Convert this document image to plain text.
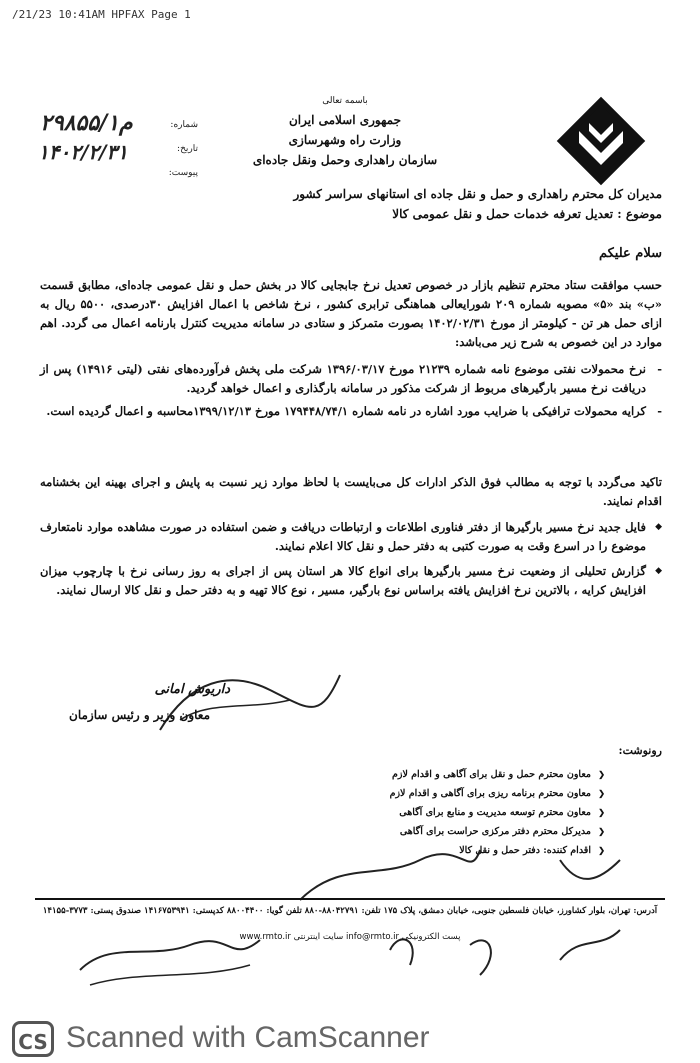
/21/23 10:41AM HPFAX Page 1
باسمه تعالی
جمهوری اسلامی ایران
وزارت راه وشهرسازی
سازمان راهداری وحمل ونقل جاده‌ای
شماره:
تاریخ:
پیوست:
۲۹۸۵۵/۱م
۱۴۰۲/۲/۳۱
مدیران کل محترم راهداری و حمل و نقل جاده ای استانهای سراسر کشور
موضوع : تعدیل تعرفه خدمات حمل و نقل عمومی کالا
سلام علیکم
حسب موافقت ستاد محترم تنظیم بازار در خصوص تعدیل نرخ جابجایی کالا در بخش حمل و نقل عمومی جاده‌ای، مطابق قسمت «ب» بند «۵» مصوبه شماره ۲۰۹ شورایعالی هماهنگی ترابری کشور ، نرخ شاخص با اعمال افزایش ۳۰درصدی، ۵۵۰۰ ریال به ازای حمل هر تن - کیلومتر از مورخ ۱۴۰۲/۰۲/۳۱ بصورت متمرکز و ستادی در سامانه مدیریت کنترل بارنامه اعمال می گردد. اهم موارد در این خصوص به شرح زیر می‌باشد:
- نرخ محمولات نفتی موضوع نامه شماره ۲۱۲۳۹ مورخ ۱۳۹۶/۰۳/۱۷ شرکت ملی پخش فرآورده‌های نفتی (لیتی ۱۴۹۱۶) پس از دریافت نرخ مسیر بارگیرهای مربوط از شرکت مذکور در سامانه بارگذاری و اعمال خواهد گردید.
- کرایه محمولات ترافیکی با ضرایب مورد اشاره در نامه شماره ۱۷۹۴۴۸/۷۴/۱ مورخ ۱۳۹۹/۱۲/۱۳محاسبه و اعمال گردیده است.
تاکید می‌گردد با توجه به مطالب فوق الذکر ادارات کل می‌بایست با لحاظ موارد زیر نسبت به پایش و اجرای بهینه این بخشنامه اقدام نمایند.
◆ فایل جدید نرخ مسیر بارگیرها از دفتر فناوری اطلاعات و ارتباطات دریافت و ضمن استفاده در صورت مشاهده موارد نامتعارف موضوع را در اسرع وقت به صورت کتبی به دفتر حمل و نقل کالا اعلام نمایند.
◆ گزارش تحلیلی از وضعیت نرخ مسیر بارگیرها برای انواع کالا هر استان پس از اجرای به روز رسانی نرخ با چارچوب میزان افزایش کرایه ، بالاترین نرخ افزایش یافته براساس نوع بارگیر، مسیر ، نوع کالا تهیه و به دفتر حمل و نقل کالا ارسال نمایند.
داریوش امانی
معاون وزیر و رئیس سازمان
رونوشت:
❮ معاون محترم حمل و نقل برای آگاهی و اقدام لازم
❮ معاون محترم برنامه ریزی برای آگاهی و اقدام لازم
❮ معاون محترم توسعه مدیریت و منابع برای آگاهی
❮ مدیرکل محترم دفتر مرکزی حراست برای آگاهی
❮ اقدام کننده: دفتر حمل و نقل کالا
آدرس: تهران، بلوار کشاورز، خیابان فلسطین جنوبی، خیابان دمشق، پلاک ۱۷۵ تلفن: ۸۸۰۴۲۷۹۱-۸۸۰ تلفن گویا: ۸۸۰۰۴۴۰۰ کدپستی: ۱۴۱۶۷۵۳۹۴۱ صندوق پستی: ۳۷۷۳-۱۴۱۵۵
www.rmto.ir سایت اینترنتی info@rmto.ir پست الکترونیکی
CS Scanned with CamScanner
